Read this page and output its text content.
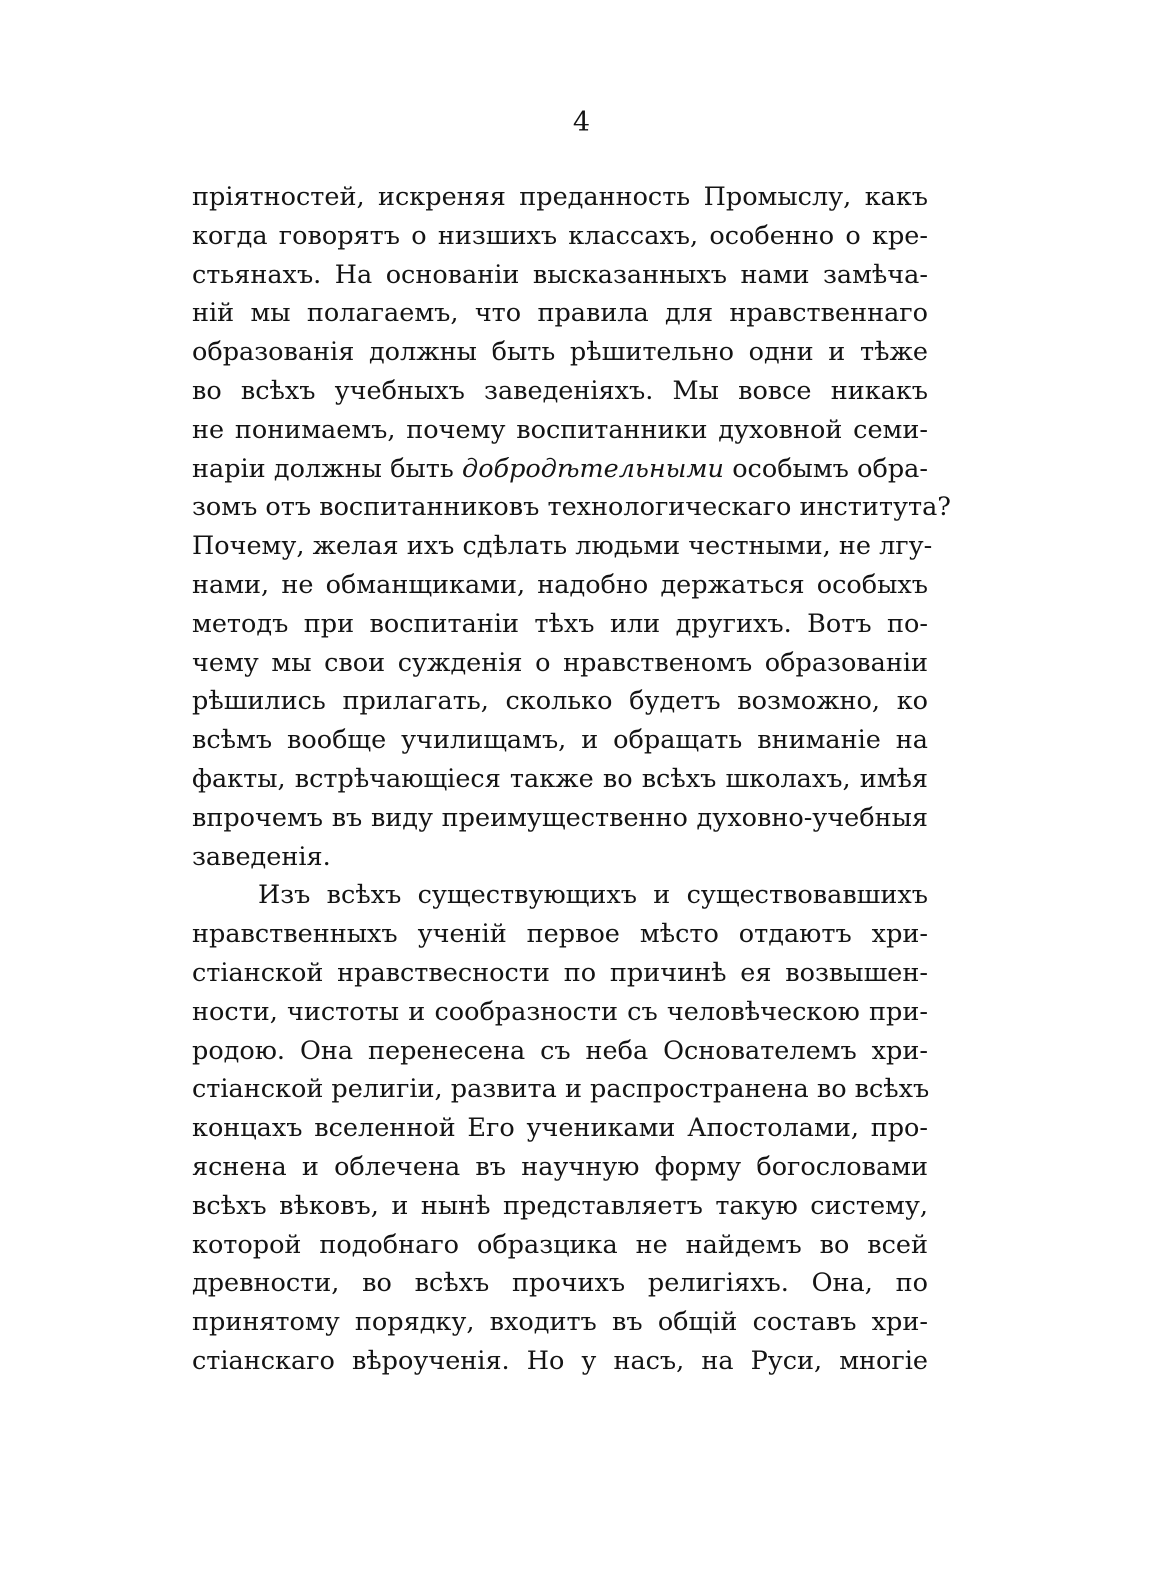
4
пріятностей, искреняя преданность Промыслу, какъ
когда говорятъ о низшихъ классахъ, особенно о кре-
стьянахъ. На основаніи высказанныхъ нами замѣча-
ній мы полагаемъ, что правила для нравственнаго
образованія должны быть рѣшительно одни и тѣже
во всѣхъ учебныхъ заведеніяхъ. Мы вовсе никакъ
не понимаемъ, почему воспитанники духовной семи-
наріи должны быть добродѣтельными особымъ обра-
зомъ отъ воспитанниковъ технологическаго института?
Почему, желая ихъ сдѣлать людьми честными, не лгу-
нами, не обманщиками, надобно держаться особыхъ
методъ при воспитаніи тѣхъ или другихъ. Вотъ по-
чему мы свои сужденія о нравственомъ образованіи
рѣшились прилагать, сколько будетъ возможно, ко
всѣмъ вообще училищамъ, и обращать вниманіе на
факты, встрѣчающіеся также во всѣхъ школахъ, имѣя
впрочемъ въ виду преимущественно духовно-учебныя
заведенія.
Изъ всѣхъ существующихъ и существовавшихъ
нравственныхъ ученій первое мѣсто отдаютъ хри-
стіанской нравствесности по причинѣ ея возвышен-
ности, чистоты и сообразности съ человѣческою при-
родою. Она перенесена съ неба Основателемъ хри-
стіанской религіи, развита и распространена во всѣхъ
концахъ вселенной Его учениками Апостолами, про-
яснена и облечена въ научную форму богословами
всѣхъ вѣковъ, и нынѣ представляетъ такую систему,
которой подобнаго образцика не найдемъ во всей
древности, во всѣхъ прочихъ религіяхъ. Она, по
принятому порядку, входитъ въ общій составъ хри-
стіанскаго вѣроученія. Но у насъ, на Руси, многіе
